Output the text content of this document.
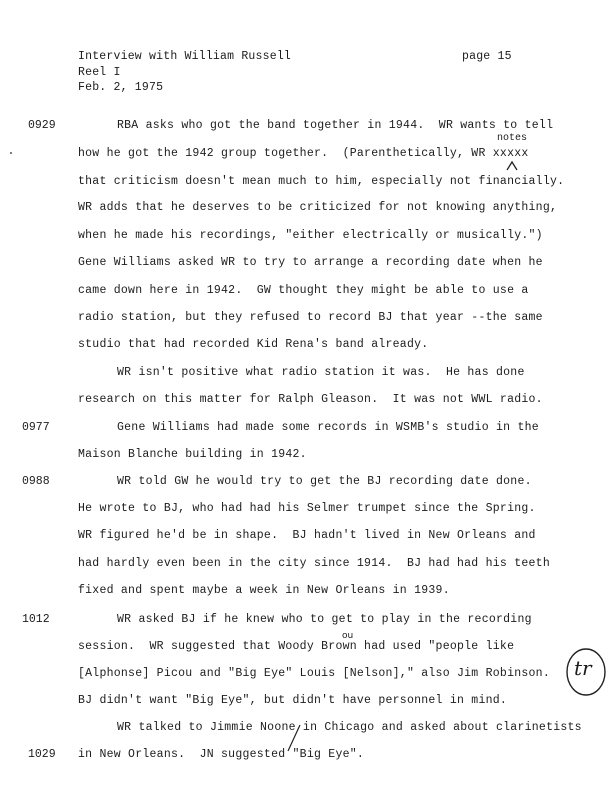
Interview with William Russell
Reel I
Feb. 2, 1975
page 15
0929
0977
0988
1012
1029
RBA asks who got the band together in 1944.  WR wants to tell
how he got the 1942 group together.  (Parenthetically, WR xxxxx
that criticism doesn't mean much to him, especially not financially.
WR adds that he deserves to be criticized for not knowing anything,
when he made his recordings, "either electrically or musically.")
Gene Williams asked WR to try to arrange a recording date when he
came down here in 1942.  GW thought they might be able to use a
radio station, but they refused to record BJ that year --the same
studio that had recorded Kid Rena's band already.
WR isn't positive what radio station it was.  He has done
research on this matter for Ralph Gleason.  It was not WWL radio.
Gene Williams had made some records in WSMB's studio in the
Maison Blanche building in 1942.
WR told GW he would try to get the BJ recording date done.
He wrote to BJ, who had had his Selmer trumpet since the Spring.
WR figured he'd be in shape.  BJ hadn't lived in New Orleans and
had hardly even been in the city since 1914.  BJ had had his teeth
fixed and spent maybe a week in New Orleans in 1939.
WR asked BJ if he knew who to get to play in the recording
session.  WR suggested that Woody Brown had used "people like
[Alphonse] Picou and "Big Eye" Louis [Nelson]," also Jim Robinson.
BJ didn't want "Big Eye", but didn't have personnel in mind.
WR talked to Jimmie Noone in Chicago and asked about clarinetists
in New Orleans.  JN suggested "Big Eye".
notes
ou
tr
